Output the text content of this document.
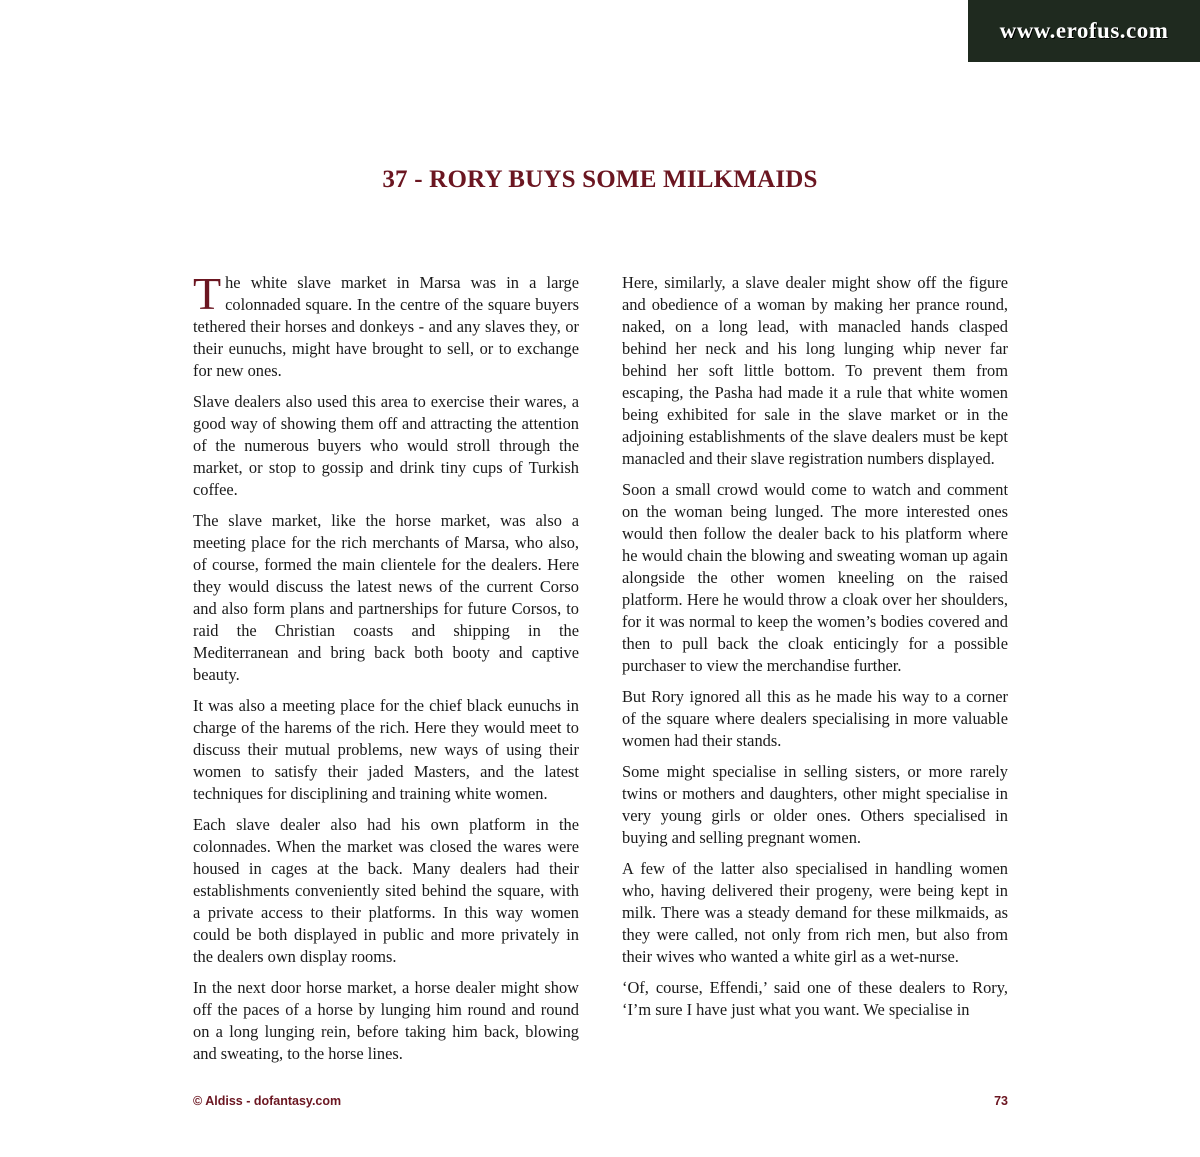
www.erofus.com
37 - RORY BUYS SOME MILKMAIDS

The white slave market in Marsa was in a large colonnaded square. In the centre of the square buyers tethered their horses and donkeys - and any slaves they, or their eunuchs, might have brought to sell, or to exchange for new ones.

Slave dealers also used this area to exercise their wares, a good way of showing them off and attracting the attention of the numerous buyers who would stroll through the market, or stop to gossip and drink tiny cups of Turkish coffee.

The slave market, like the horse market, was also a meeting place for the rich merchants of Marsa, who also, of course, formed the main clientele for the dealers. Here they would discuss the latest news of the current Corso and also form plans and partnerships for future Corsos, to raid the Christian coasts and shipping in the Mediterranean and bring back both booty and captive beauty.

It was also a meeting place for the chief black eunuchs in charge of the harems of the rich. Here they would meet to discuss their mutual problems, new ways of using their women to satisfy their jaded Masters, and the latest techniques for disciplining and training white women.

Each slave dealer also had his own platform in the colonnades. When the market was closed the wares were housed in cages at the back. Many dealers had their establishments conveniently sited behind the square, with a private access to their platforms. In this way women could be both displayed in public and more privately in the dealers own display rooms.

In the next door horse market, a horse dealer might show off the paces of a horse by lunging him round and round on a long lunging rein, before taking him back, blowing and sweating, to the horse lines.

Here, similarly, a slave dealer might show off the figure and obedience of a woman by making her prance round, naked, on a long lead, with manacled hands clasped behind her neck and his long lunging whip never far behind her soft little bottom. To prevent them from escaping, the Pasha had made it a rule that white women being exhibited for sale in the slave market or in the adjoining establishments of the slave dealers must be kept manacled and their slave registration numbers displayed.

Soon a small crowd would come to watch and comment on the woman being lunged. The more interested ones would then follow the dealer back to his platform where he would chain the blowing and sweating woman up again alongside the other women kneeling on the raised platform. Here he would throw a cloak over her shoulders, for it was normal to keep the women’s bodies covered and then to pull back the cloak enticingly for a possible purchaser to view the merchandise further.

But Rory ignored all this as he made his way to a corner of the square where dealers specialising in more valuable women had their stands.

Some might specialise in selling sisters, or more rarely twins or mothers and daughters, other might specialise in very young girls or older ones. Others specialised in buying and selling pregnant women.

A few of the latter also specialised in handling women who, having delivered their progeny, were being kept in milk. There was a steady demand for these milkmaids, as they were called, not only from rich men, but also from their wives who wanted a white girl as a wet-nurse.

‘Of, course, Effendi,’ said one of these dealers to Rory, ‘I’m sure I have just what you want. We specialise in

© Aldiss - dofantasy.com	73
